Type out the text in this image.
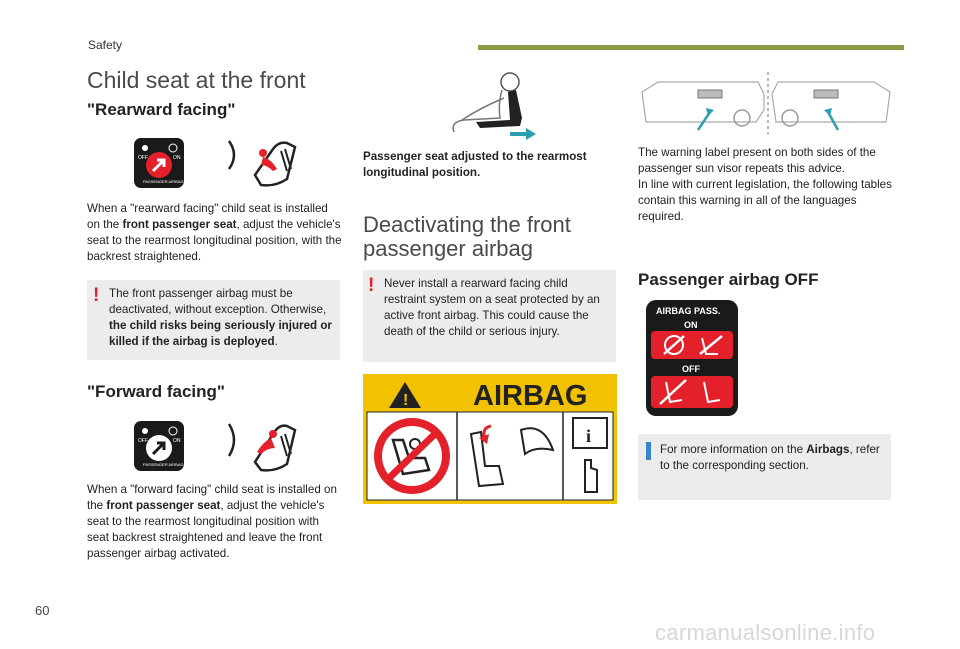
Safety
Child seat at the front
"Rearward facing"
OFF	ON
PASSENGER AIRBAG
When a "rearward facing" child seat is installed on the front passenger seat, adjust the vehicle's seat to the rearmost longitudinal position, with the backrest straightened.
! The front passenger airbag must be deactivated, without exception. Otherwise, the child risks being seriously injured or killed if the airbag is deployed.
"Forward facing"
OFF	ON
PASSENGER AIRBAG
When a "forward facing" child seat is installed on the front passenger seat, adjust the vehicle's seat to the rearmost longitudinal position with seat backrest straightened and leave the front passenger airbag activated.
Passenger seat adjusted to the rearmost longitudinal position.
Deactivating the front passenger airbag
! Never install a rearward facing child restraint system on a seat protected by an active front airbag. This could cause the death of the child or serious injury.
! AIRBAG
i
The warning label present on both sides of the passenger sun visor repeats this advice.
In line with current legislation, the following tables contain this warning in all of the languages required.
Passenger airbag OFF
AIRBAG PASS.
ON
OFF
For more information on the Airbags, refer to the corresponding section.
60
carmanualsonline.info
